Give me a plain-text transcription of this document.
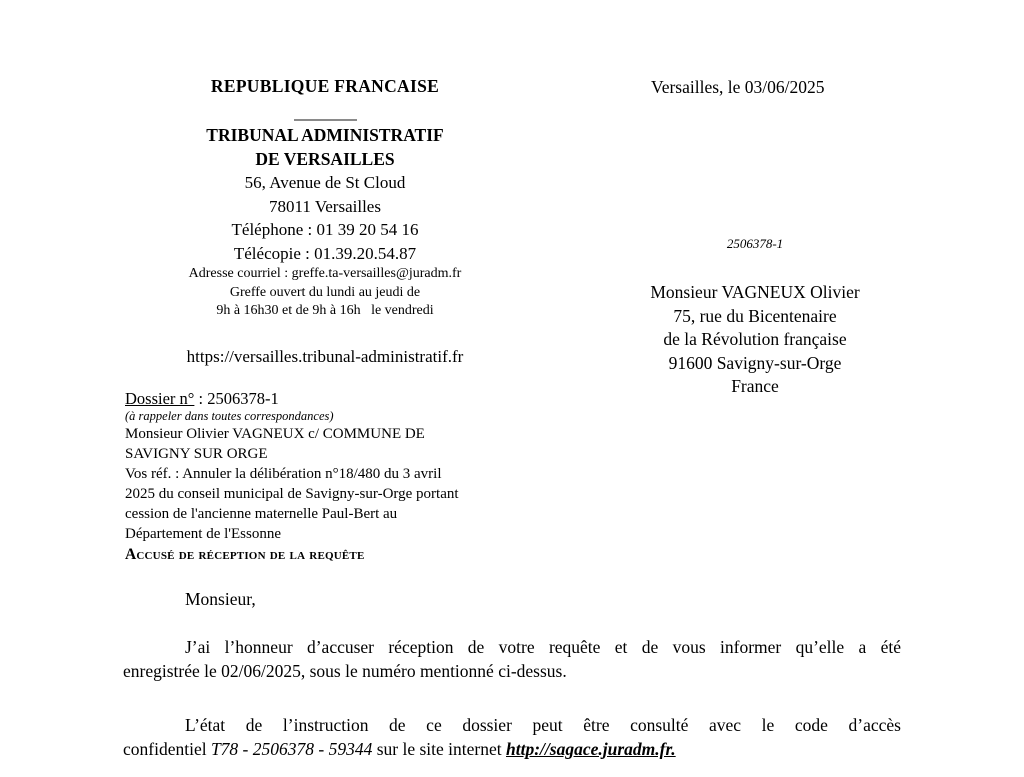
REPUBLIQUE FRANCAISE
TRIBUNAL ADMINISTRATIF
DE VERSAILLES
56, Avenue de St Cloud
78011 Versailles
Téléphone : 01 39 20 54 16
Télécopie : 01.39.20.54.87
Adresse courriel : greffe.ta-versailles@juradm.fr
Greffe ouvert du lundi au jeudi de
9h à 16h30 et de 9h à 16h   le vendredi
https://versailles.tribunal-administratif.fr
Versailles, le 03/06/2025
2506378-1
Monsieur VAGNEUX Olivier
75, rue du Bicentenaire
de la Révolution française
91600 Savigny-sur-Orge
France
Dossier n° : 2506378-1
(à rappeler dans toutes correspondances)
Monsieur Olivier VAGNEUX c/ COMMUNE DE
SAVIGNY SUR ORGE
Vos réf. : Annuler la délibération n°18/480 du 3 avril
2025 du conseil municipal de Savigny-sur-Orge portant
cession de l'ancienne maternelle Paul-Bert au
Département de l'Essonne
Accusé de réception de la requête
Monsieur,
J’ai l’honneur d’accuser réception de votre requête et de vous informer qu’elle a été
enregistrée le 02/06/2025, sous le numéro mentionné ci-dessus.
L’état de l’instruction de ce dossier peut être consulté avec le code d’accès
confidentiel T78 - 2506378 - 59344 sur le site internet http://sagace.juradm.fr.
